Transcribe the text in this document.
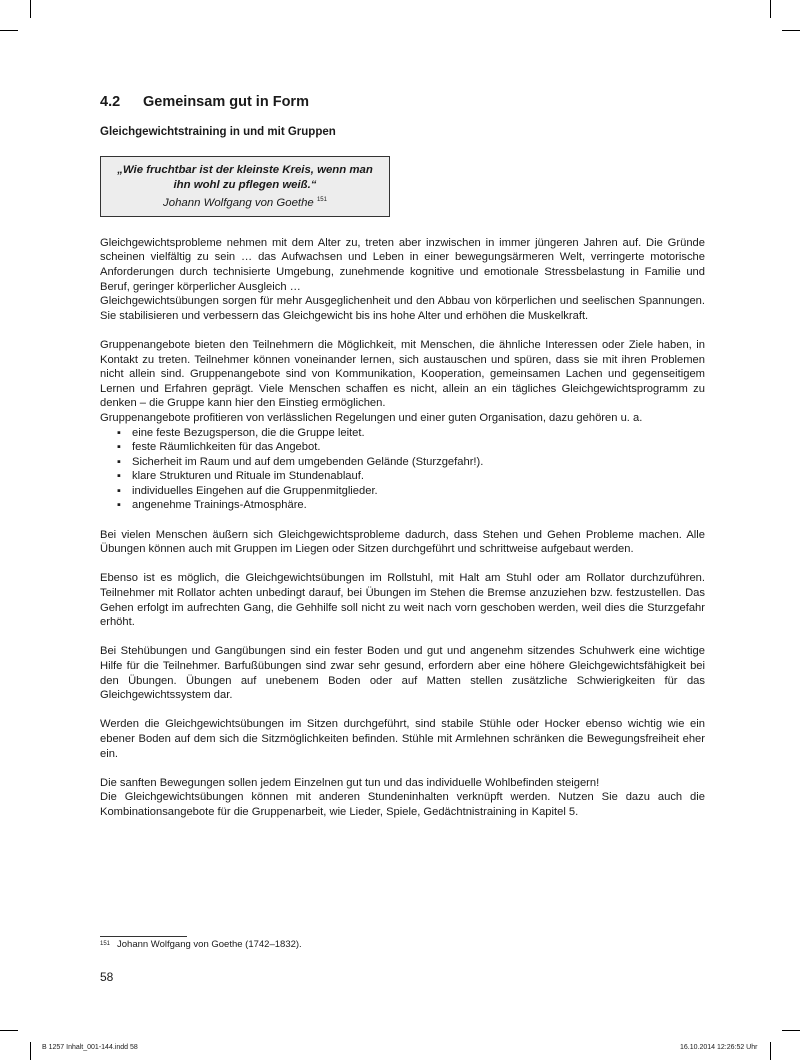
4.2	Gemeinsam gut in Form
Gleichgewichtstraining in und mit Gruppen
„Wie fruchtbar ist der kleinste Kreis, wenn man
ihn wohl zu pflegen weiß.“
Johann Wolfgang von Goethe $^{151}$

Gleichgewichtsprobleme nehmen mit dem Alter zu, treten aber inzwischen in immer jüngeren Jahren auf. Die Gründe scheinen vielfältig zu sein … das Aufwachsen und Leben in einer bewegungsärmeren Welt, verringerte motorische Anforderungen durch technisierte Umgebung, zunehmende kognitive und emotionale Stressbelastung in Familie und Beruf, geringer körperlicher Ausgleich …

Gleichgewichtsübungen sorgen für mehr Ausgeglichenheit und den Abbau von körperlichen und seelischen Spannungen. Sie stabilisieren und verbessern das Gleichgewicht bis ins hohe Alter und erhöhen die Muskelkraft.

Gruppenangebote bieten den Teilnehmern die Möglichkeit, mit Menschen, die ähnliche Interessen oder Ziele haben, in Kontakt zu treten. Teilnehmer können voneinander lernen, sich austauschen und spüren, dass sie mit ihren Problemen nicht allein sind. Gruppenangebote sind von Kommunikation, Kooperation, gemeinsamen Lachen und gegenseitigem Lernen und Erfahren geprägt. Viele Menschen schaffen es nicht, allein an ein tägliches Gleichgewichtsprogramm zu denken – die Gruppe kann hier den Einstieg ermöglichen.

Gruppenangebote profitieren von verlässlichen Regelungen und einer guten Organisation, dazu gehören u. a.

▪ eine feste Bezugsperson, die die Gruppe leitet.
▪ feste Räumlichkeiten für das Angebot.
▪ Sicherheit im Raum und auf dem umgebenden Gelände (Sturzgefahr!).
▪ klare Strukturen und Rituale im Stundenablauf.
▪ individuelles Eingehen auf die Gruppenmitglieder.
▪ angenehme Trainings-Atmosphäre.

Bei vielen Menschen äußern sich Gleichgewichtsprobleme dadurch, dass Stehen und Gehen Probleme machen. Alle Übungen können auch mit Gruppen im Liegen oder Sitzen durchgeführt und schrittweise aufgebaut werden.

Ebenso ist es möglich, die Gleichgewichtsübungen im Rollstuhl, mit Halt am Stuhl oder am Rollator durchzuführen. Teilnehmer mit Rollator achten unbedingt darauf, bei Übungen im Stehen die Bremse anzuziehen bzw. festzustellen. Das Gehen erfolgt im aufrechten Gang, die Gehhilfe soll nicht zu weit nach vorn geschoben werden, weil dies die Sturzgefahr erhöht.

Bei Stehübungen und Gangübungen sind ein fester Boden und gut und angenehm sitzendes Schuhwerk eine wichtige Hilfe für die Teilnehmer. Barfußübungen sind zwar sehr gesund, erfordern aber eine höhere Gleichgewichtsfähigkeit bei den Übungen. Übungen auf unebenem Boden oder auf Matten stellen zusätzliche Schwierigkeiten für das Gleichgewichtssystem dar.

Werden die Gleichgewichtsübungen im Sitzen durchgeführt, sind stabile Stühle oder Hocker ebenso wichtig wie ein ebener Boden auf dem sich die Sitzmöglichkeiten befinden. Stühle mit Armlehnen schränken die Bewegungsfreiheit eher ein.

Die sanften Bewegungen sollen jedem Einzelnen gut tun und das individuelle Wohlbefinden steigern!

Die Gleichgewichtsübungen können mit anderen Stundeninhalten verknüpft werden. Nutzen Sie dazu auch die Kombinationsangebote für die Gruppenarbeit, wie Lieder, Spiele, Gedächtnistraining in Kapitel 5.

151 Johann Wolfgang von Goethe (1742–1832).
58
B 1257 Inhalt_001-144.indd 58	16.10.2014 12:26:52 Uhr
